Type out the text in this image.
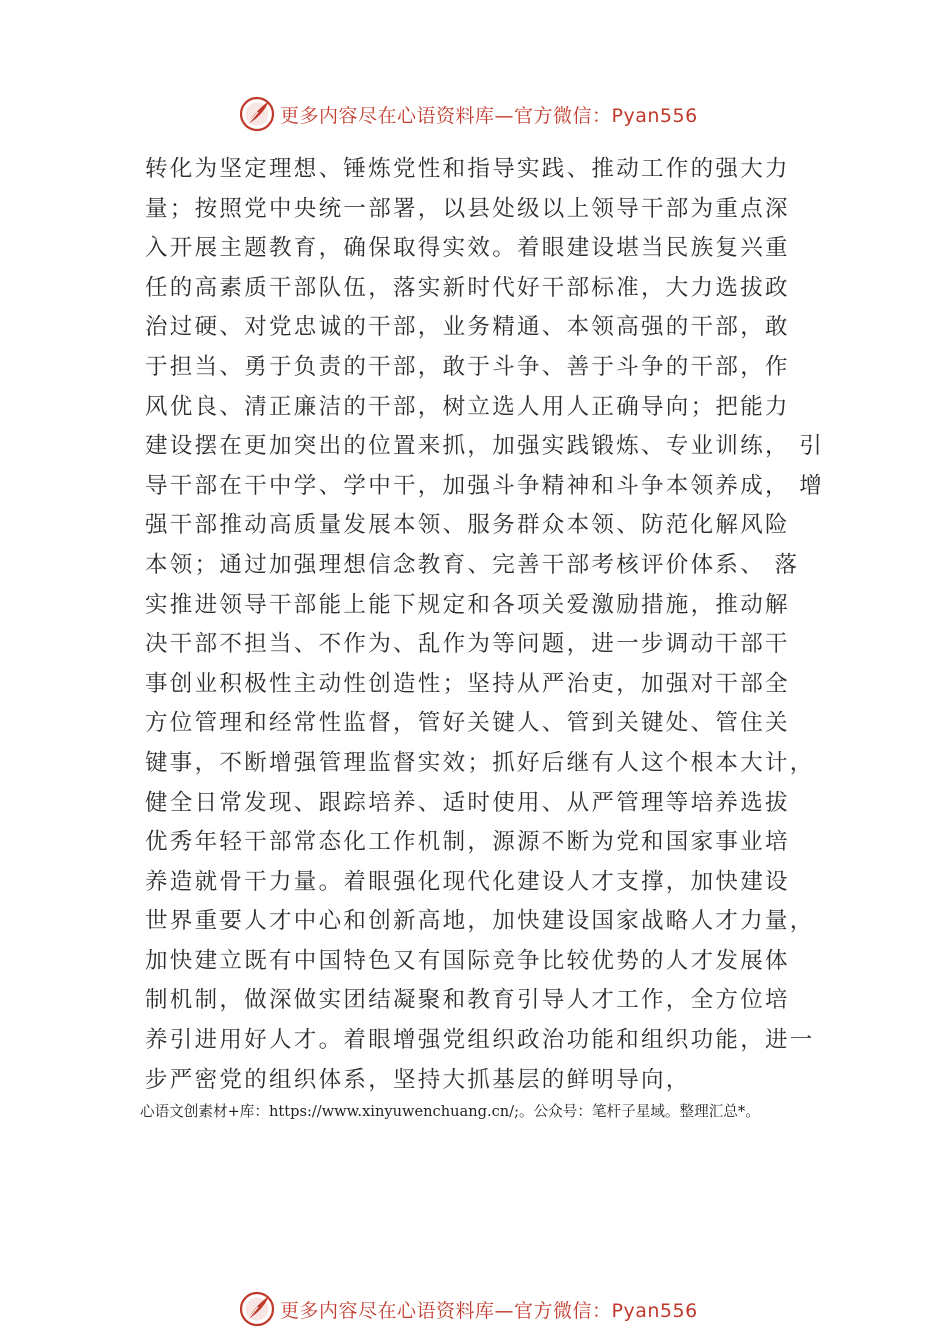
更多内容尽在心语资料库—官方微信：Pyan556
转化为坚定理想、锤炼党性和指导实践、推动工作的强大力
量；按照党中央统一部署，以县处级以上领导干部为重点深
入开展主题教育，确保取得实效。着眼建设堪当民族复兴重
任的高素质干部队伍，落实新时代好干部标准，大力选拔政
治过硬、对党忠诚的干部，业务精通、本领高强的干部，敢
于担当、勇于负责的干部，敢于斗争、善于斗争的干部，作
风优良、清正廉洁的干部，树立选人用人正确导向；把能力
建设摆在更加突出的位置来抓，加强实践锻炼、专业训练， 引
导干部在干中学、学中干，加强斗争精神和斗争本领养成， 增
强干部推动高质量发展本领、服务群众本领、防范化解风险
本领；通过加强理想信念教育、完善干部考核评价体系、 落
实推进领导干部能上能下规定和各项关爱激励措施，推动解
决干部不担当、不作为、乱作为等问题，进一步调动干部干
事创业积极性主动性创造性；坚持从严治吏，加强对干部全
方位管理和经常性监督，管好关键人、管到关键处、管住关
键事，不断增强管理监督实效；抓好后继有人这个根本大计，
健全日常发现、跟踪培养、适时使用、从严管理等培养选拔
优秀年轻干部常态化工作机制，源源不断为党和国家事业培
养造就骨干力量。着眼强化现代化建设人才支撑，加快建设
世界重要人才中心和创新高地，加快建设国家战略人才力量，
加快建立既有中国特色又有国际竞争比较优势的人才发展体
制机制，做深做实团结凝聚和教育引导人才工作，全方位培
养引进用好人才。着眼增强党组织政治功能和组织功能，进一
步严密党的组织体系，坚持大抓基层的鲜明导向，
心语文创素材+库：https://www.xinyuwenchuang.cn/;。公众号：笔杆子星域。整理汇总*。
更多内容尽在心语资料库—官方微信：Pyan556
